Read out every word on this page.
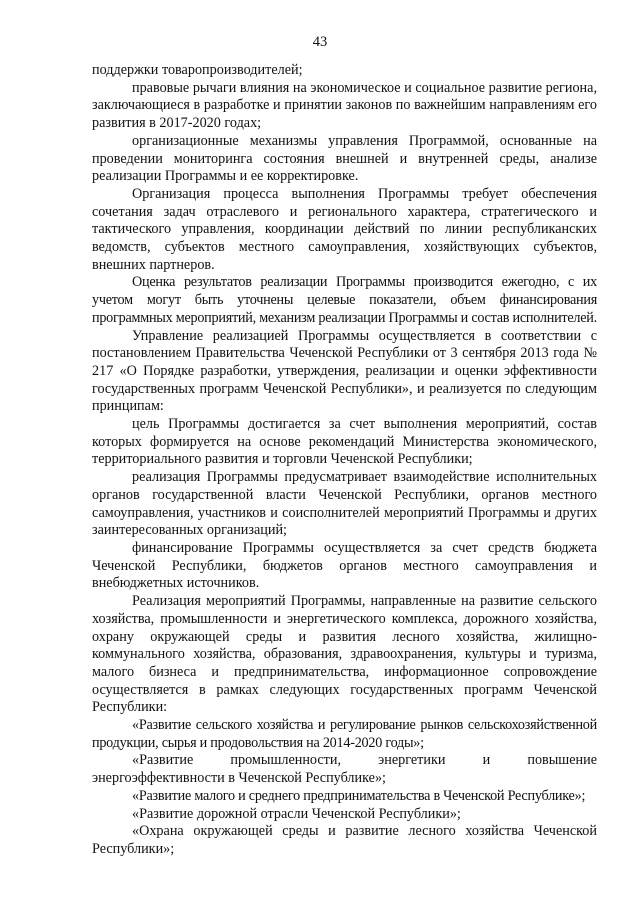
43

поддержки товаропроизводителей;

правовые рычаги влияния на экономическое и социальное развитие региона, заключающиеся в разработке и принятии законов по важнейшим направлениям его развития в 2017-2020 годах;

организационные механизмы управления Программой, основанные на проведении мониторинга состояния внешней и внутренней среды, анализе реализации Программы и ее корректировке.

Организация процесса выполнения Программы требует обеспечения сочетания задач отраслевого и регионального характера, стратегического и тактического управления, координации действий по линии республиканских ведомств, субъектов местного самоуправления, хозяйствующих субъектов, внешних партнеров.

Оценка результатов реализации Программы производится ежегодно, с их учетом могут быть уточнены целевые показатели, объем финансирования программных мероприятий, механизм реализации Программы и состав исполнителей.

Управление реализацией Программы осуществляется в соответствии с постановлением Правительства Чеченской Республики от 3 сентября 2013 года № 217 «О Порядке разработки, утверждения, реализации и оценки эффективности государственных программ Чеченской Республики», и реализуется по следующим принципам:

цель Программы достигается за счет выполнения мероприятий, состав которых формируется на основе рекомендаций Министерства экономического, территориального развития и торговли Чеченской Республики;

реализация Программы предусматривает взаимодействие исполнительных органов государственной власти Чеченской Республики, органов местного самоуправления, участников и соисполнителей мероприятий Программы и других заинтересованных организаций;

финансирование Программы осуществляется за счет средств бюджета Чеченской Республики, бюджетов органов местного самоуправления и внебюджетных источников.

Реализация мероприятий Программы, направленные на развитие сельского хозяйства, промышленности и энергетического комплекса, дорожного хозяйства, охрану окружающей среды и развития лесного хозяйства, жилищно-коммунального хозяйства, образования, здравоохранения, культуры и туризма, малого бизнеса и предпринимательства, информационное сопровождение осуществляется в рамках следующих государственных программ Чеченской Республики:

«Развитие сельского хозяйства и регулирование рынков сельскохозяйственной продукции, сырья и продовольствия на 2014-2020 годы»;

«Развитие промышленности, энергетики и повышение энергоэффективности в Чеченской Республике»;

«Развитие малого и среднего предпринимательства в Чеченской Республике»;

«Развитие дорожной отрасли Чеченской Республики»;

«Охрана окружающей среды и развитие лесного хозяйства Чеченской Республики»;
